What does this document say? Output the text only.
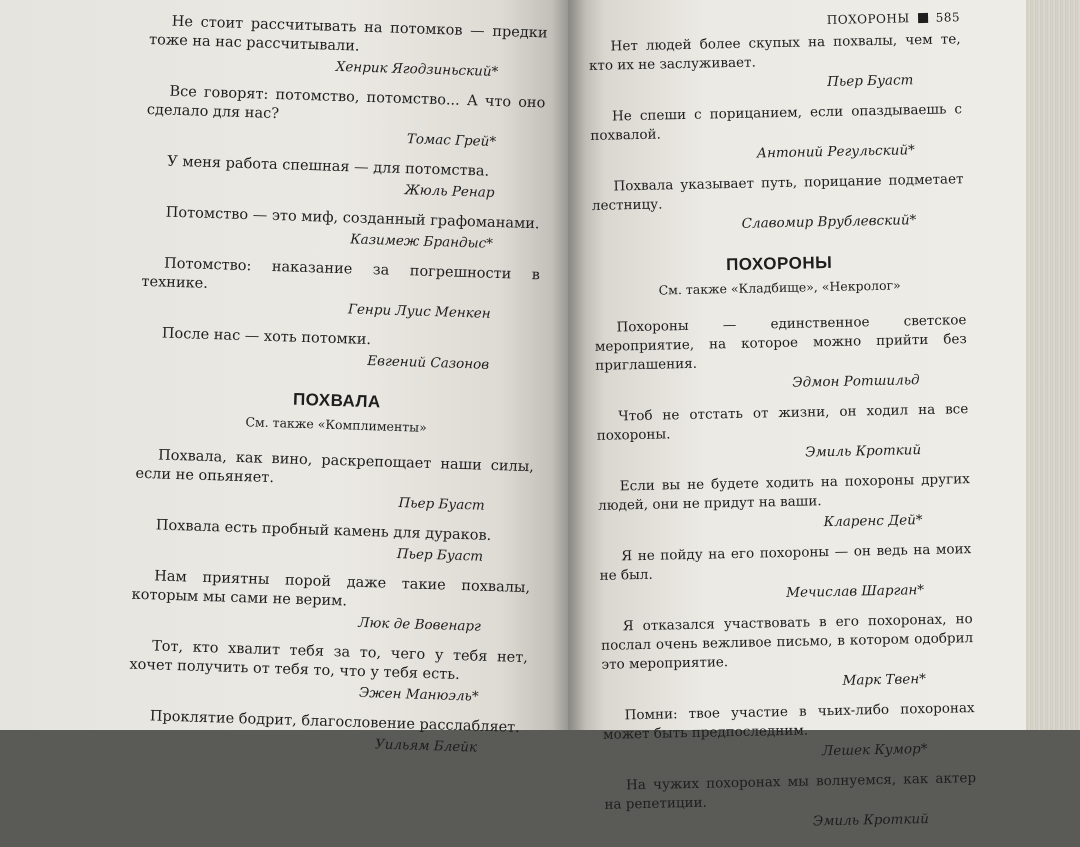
Не стоит рассчитывать на потомков — предки тоже на нас рассчитывали.

Хенрик Ягодзиньский*

Все говорят: потомство, потомство... А что оно сделало для нас?

Томас Грей*

У меня работа спешная — для потомства.

Жюль Ренар

Потомство — это миф, созданный графоманами.

Казимеж Брандыс*

Потомство: наказание за погрешности в технике.

Генри Луис Менкен

После нас — хоть потомки.

Евгений Сазонов
ПОХВАЛА
См. также «Комплименты»

Похвала, как вино, раскрепощает наши силы, если не опьяняет.

Пьер Буаст

Похвала есть пробный камень для дураков.

Пьер Буаст

Нам приятны порой даже такие похвалы, которым мы сами не верим.

Люк де Вовенарг

Тот, кто хвалит тебя за то, чего у тебя нет, хочет получить от тебя то, что у тебя есть.

Эжен Манюэль*

Проклятие бодрит, благословение расслабляет.

Уильям Блейк
ПОХОРОНЫ 585

Нет людей более скупых на похвалы, чем те, кто их не заслуживает.

Пьер Буаст

Не спеши с порицанием, если опаздываешь с похвалой.

Антоний Регульский*

Похвала указывает путь, порицание подметает лестницу.

Славомир Врублевский*
ПОХОРОНЫ
См. также «Кладбище», «Некролог»

Похороны — единственное светское мероприятие, на которое можно прийти без приглашения.

Эдмон Ротшильд

Чтоб не отстать от жизни, он ходил на все похороны.

Эмиль Кроткий

Если вы не будете ходить на похороны других людей, они не придут на ваши.

Кларенс Дей*

Я не пойду на его похороны — он ведь на моих не был.

Мечислав Шарган*

Я отказался участвовать в его похоронах, но послал очень вежливое письмо, в котором одобрил это мероприятие.

Марк Твен*

Помни: твое участие в чьих-либо похоронах может быть предпоследним.

Лешек Кумор*

На чужих похоронах мы волнуемся, как актер на репетиции.

Эмиль Кроткий
